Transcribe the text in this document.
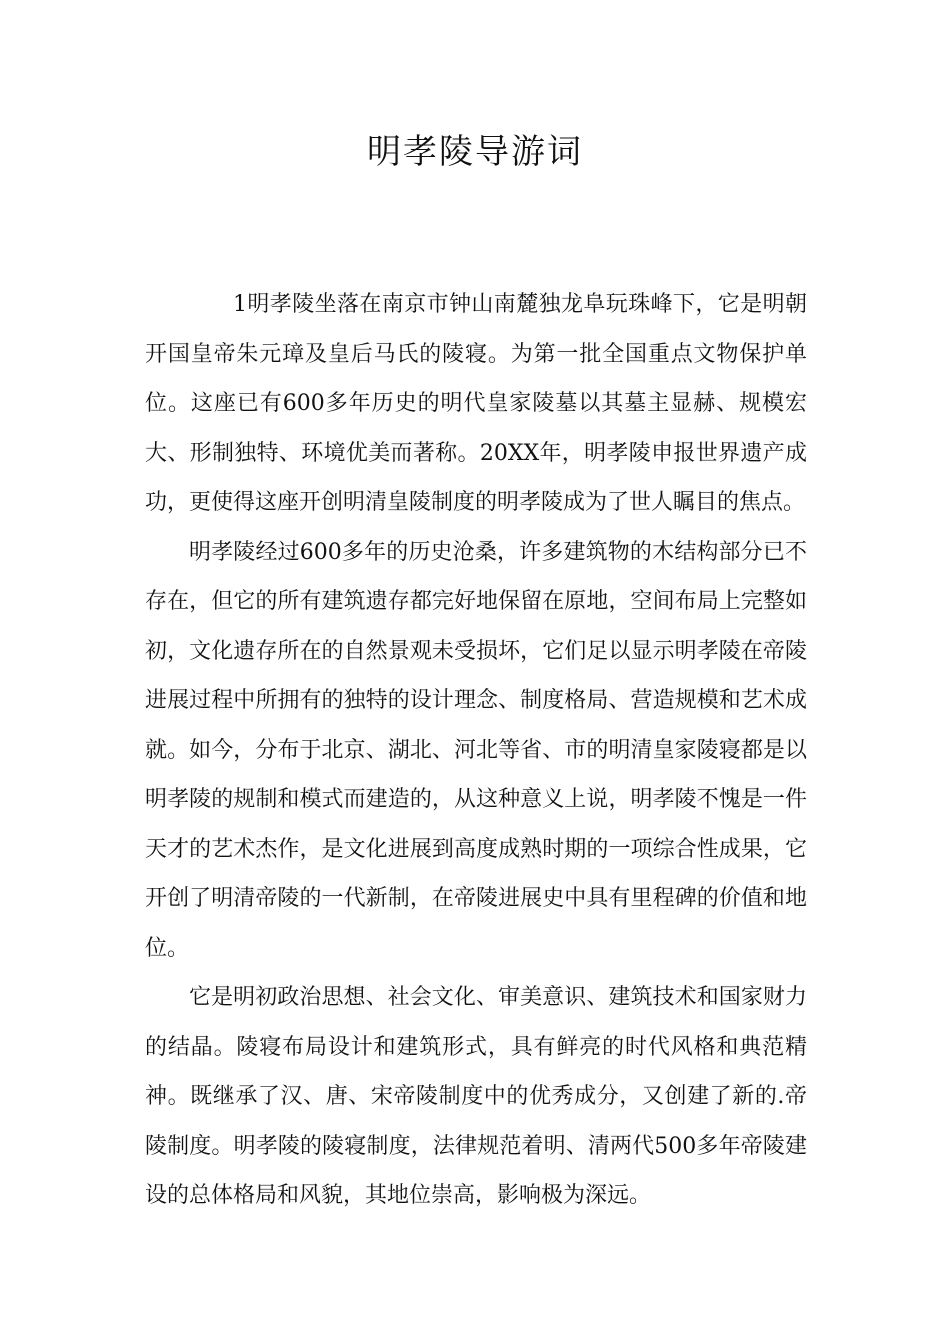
明孝陵导游词

1明孝陵坐落在南京市钟山南麓独龙阜玩珠峰下，它是明朝开国皇帝朱元璋及皇后马氏的陵寝。为第一批全国重点文物保护单位。这座已有600多年历史的明代皇家陵墓以其墓主显赫、规模宏大、形制独特、环境优美而著称。20XX年，明孝陵申报世界遗产成功，更使得这座开创明清皇陵制度的明孝陵成为了世人瞩目的焦点。

明孝陵经过600多年的历史沧桑，许多建筑物的木结构部分已不存在，但它的所有建筑遗存都完好地保留在原地，空间布局上完整如初，文化遗存所在的自然景观未受损坏，它们足以显示明孝陵在帝陵进展过程中所拥有的独特的设计理念、制度格局、营造规模和艺术成就。如今，分布于北京、湖北、河北等省、市的明清皇家陵寝都是以明孝陵的规制和模式而建造的，从这种意义上说，明孝陵不愧是一件天才的艺术杰作，是文化进展到高度成熟时期的一项综合性成果，它开创了明清帝陵的一代新制，在帝陵进展史中具有里程碑的价值和地位。

它是明初政治思想、社会文化、审美意识、建筑技术和国家财力的结晶。陵寝布局设计和建筑形式，具有鲜亮的时代风格和典范精神。既继承了汉、唐、宋帝陵制度中的优秀成分，又创建了新的.帝陵制度。明孝陵的陵寝制度，法律规范着明、清两代500多年帝陵建设的总体格局和风貌，其地位崇高，影响极为深远。
